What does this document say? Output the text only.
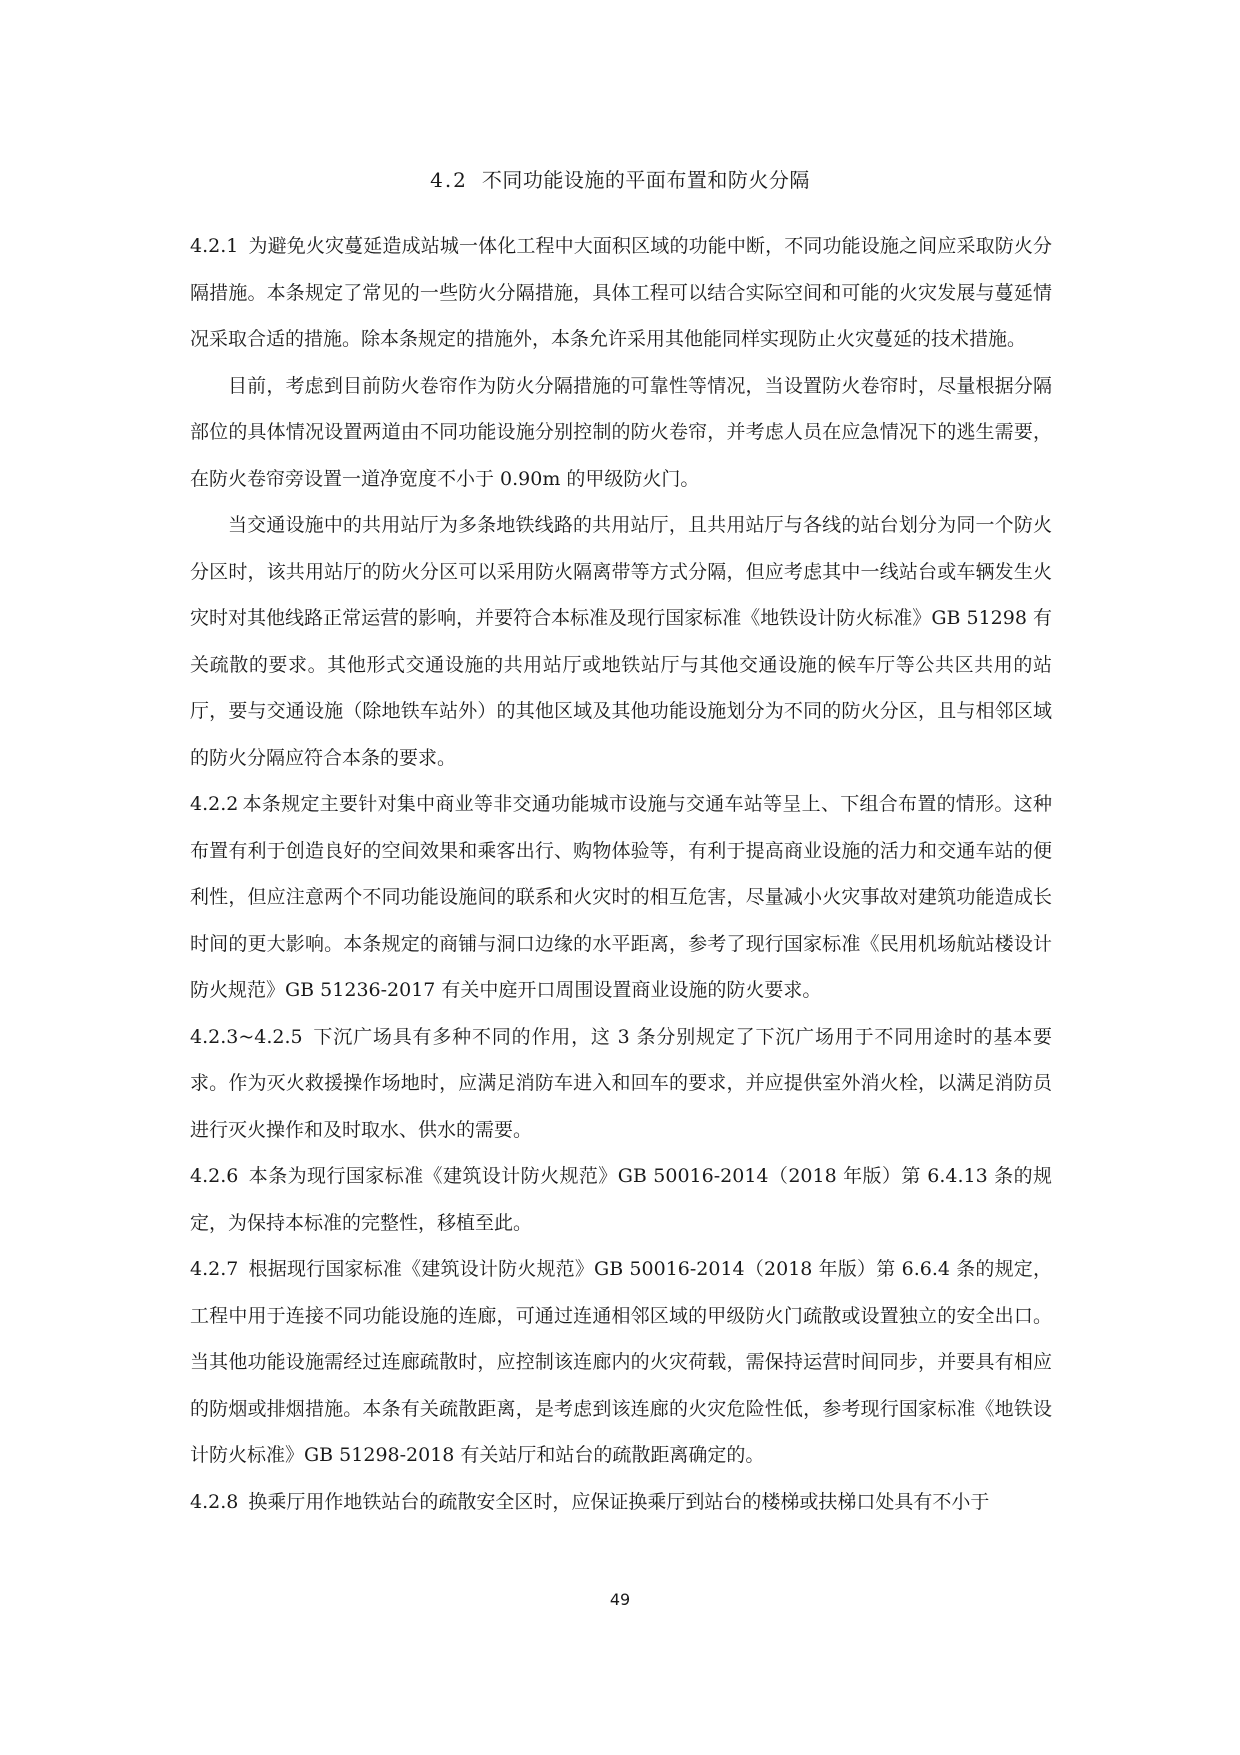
4.2 不同功能设施的平面布置和防火分隔

4.2.1 为避免火灾蔓延造成站城一体化工程中大面积区域的功能中断，不同功能设施之间应采取防火分隔措施。本条规定了常见的一些防火分隔措施，具体工程可以结合实际空间和可能的火灾发展与蔓延情况采取合适的措施。除本条规定的措施外，本条允许采用其他能同样实现防止火灾蔓延的技术措施。

目前，考虑到目前防火卷帘作为防火分隔措施的可靠性等情况，当设置防火卷帘时，尽量根据分隔部位的具体情况设置两道由不同功能设施分别控制的防火卷帘，并考虑人员在应急情况下的逃生需要，在防火卷帘旁设置一道净宽度不小于 0.90m 的甲级防火门。

当交通设施中的共用站厅为多条地铁线路的共用站厅，且共用站厅与各线的站台划分为同一个防火分区时，该共用站厅的防火分区可以采用防火隔离带等方式分隔，但应考虑其中一线站台或车辆发生火灾时对其他线路正常运营的影响，并要符合本标准及现行国家标准《地铁设计防火标准》GB 51298 有关疏散的要求。其他形式交通设施的共用站厅或地铁站厅与其他交通设施的候车厅等公共区共用的站厅，要与交通设施（除地铁车站外）的其他区域及其他功能设施划分为不同的防火分区，且与相邻区域的防火分隔应符合本条的要求。

4.2.2 本条规定主要针对集中商业等非交通功能城市设施与交通车站等呈上、下组合布置的情形。这种布置有利于创造良好的空间效果和乘客出行、购物体验等，有利于提高商业设施的活力和交通车站的便利性，但应注意两个不同功能设施间的联系和火灾时的相互危害，尽量减小火灾事故对建筑功能造成长时间的更大影响。本条规定的商铺与洞口边缘的水平距离，参考了现行国家标准《民用机场航站楼设计防火规范》GB 51236-2017 有关中庭开口周围设置商业设施的防火要求。

4.2.3~4.2.5 下沉广场具有多种不同的作用，这 3 条分别规定了下沉广场用于不同用途时的基本要求。作为灭火救援操作场地时，应满足消防车进入和回车的要求，并应提供室外消火栓，以满足消防员进行灭火操作和及时取水、供水的需要。

4.2.6 本条为现行国家标准《建筑设计防火规范》GB 50016-2014（2018 年版）第 6.4.13 条的规定，为保持本标准的完整性，移植至此。

4.2.7 根据现行国家标准《建筑设计防火规范》GB 50016-2014（2018 年版）第 6.6.4 条的规定，工程中用于连接不同功能设施的连廊，可通过连通相邻区域的甲级防火门疏散或设置独立的安全出口。当其他功能设施需经过连廊疏散时，应控制该连廊内的火灾荷载，需保持运营时间同步，并要具有相应的防烟或排烟措施。本条有关疏散距离，是考虑到该连廊的火灾危险性低，参考现行国家标准《地铁设计防火标准》GB 51298-2018 有关站厅和站台的疏散距离确定的。

4.2.8 换乘厅用作地铁站台的疏散安全区时，应保证换乘厅到站台的楼梯或扶梯口处具有不小于

49
